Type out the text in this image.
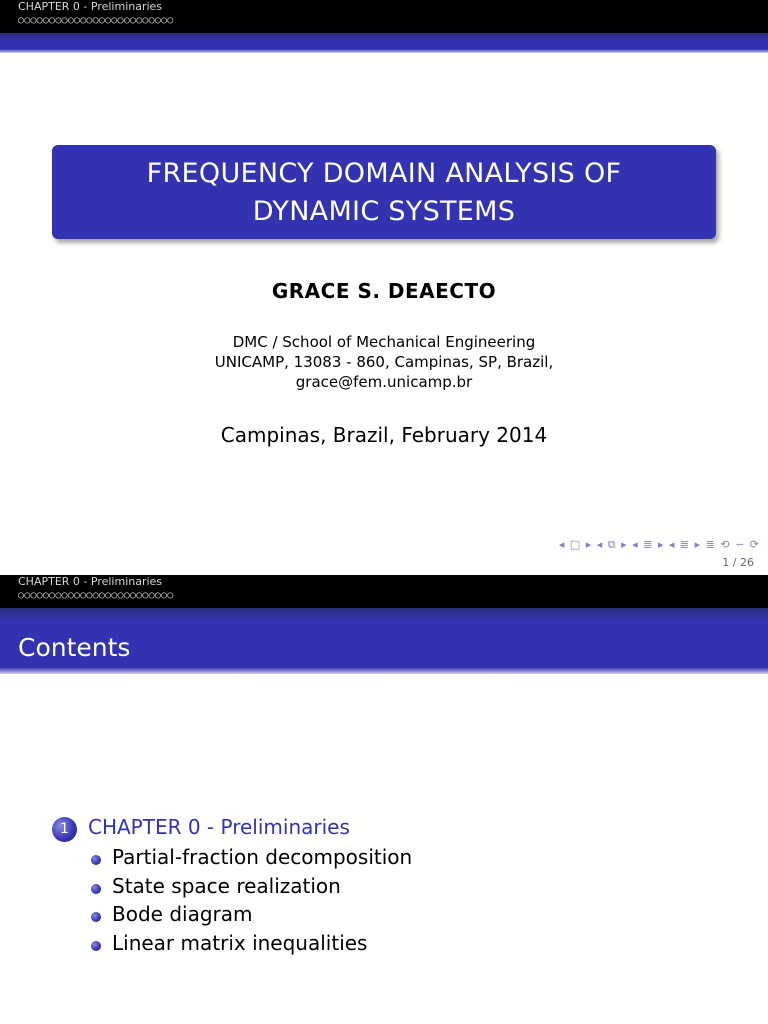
CHAPTER 0 - Preliminaries
○○○○○○○○○○○○○○○○○○○○○○○○○
FREQUENCY DOMAIN ANALYSIS OF
DYNAMIC SYSTEMS
GRACE S. DEAECTO
DMC / School of Mechanical Engineering
UNICAMP, 13083 - 860, Campinas, SP, Brazil,
grace@fem.unicamp.br
Campinas, Brazil, February 2014
◂ □ ▸ ◂ ⧉ ▸ ◂ ≣ ▸ ◂ ≣ ▸ ≣ ⟲ ∽ ⟳
1 / 26
CHAPTER 0 - Preliminaries
○○○○○○○○○○○○○○○○○○○○○○○○○
Contents
1 CHAPTER 0 - Preliminaries
Partial-fraction decomposition
State space realization
Bode diagram
Linear matrix inequalities
